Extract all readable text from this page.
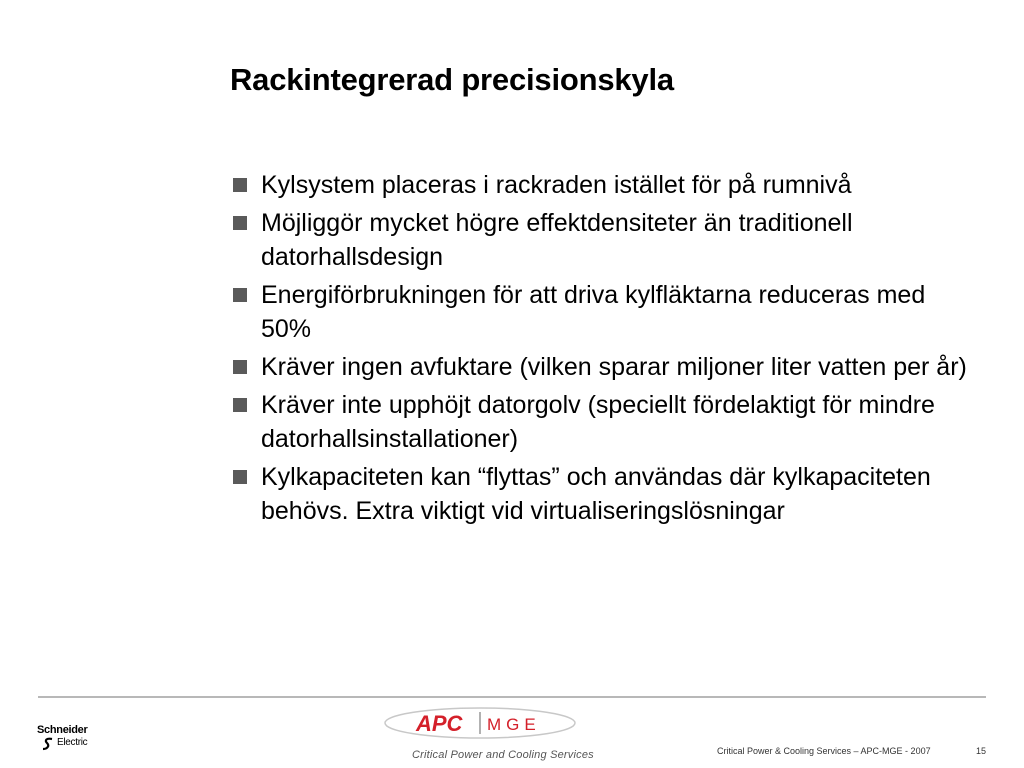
Rackintegrerad precisionskyla
Kylsystem placeras i rackraden istället för på rumnivå
Möjliggör mycket högre effektdensiteter än traditionell datorhallsdesign
Energiförbrukningen för att driva kylfläktarna reduceras med 50%
Kräver ingen avfuktare (vilken sparar miljoner liter vatten per år)
Kräver inte upphöjt datorgolv (speciellt fördelaktigt för mindre datorhallsinstallationer)
Kylkapaciteten kan “flyttas” och användas där kylkapaciteten behövs. Extra viktigt vid virtualiseringslösningar
Schneider
Electric
APC MGE
Critical Power and Cooling Services	Critical Power & Cooling Services – APC-MGE - 2007	15
